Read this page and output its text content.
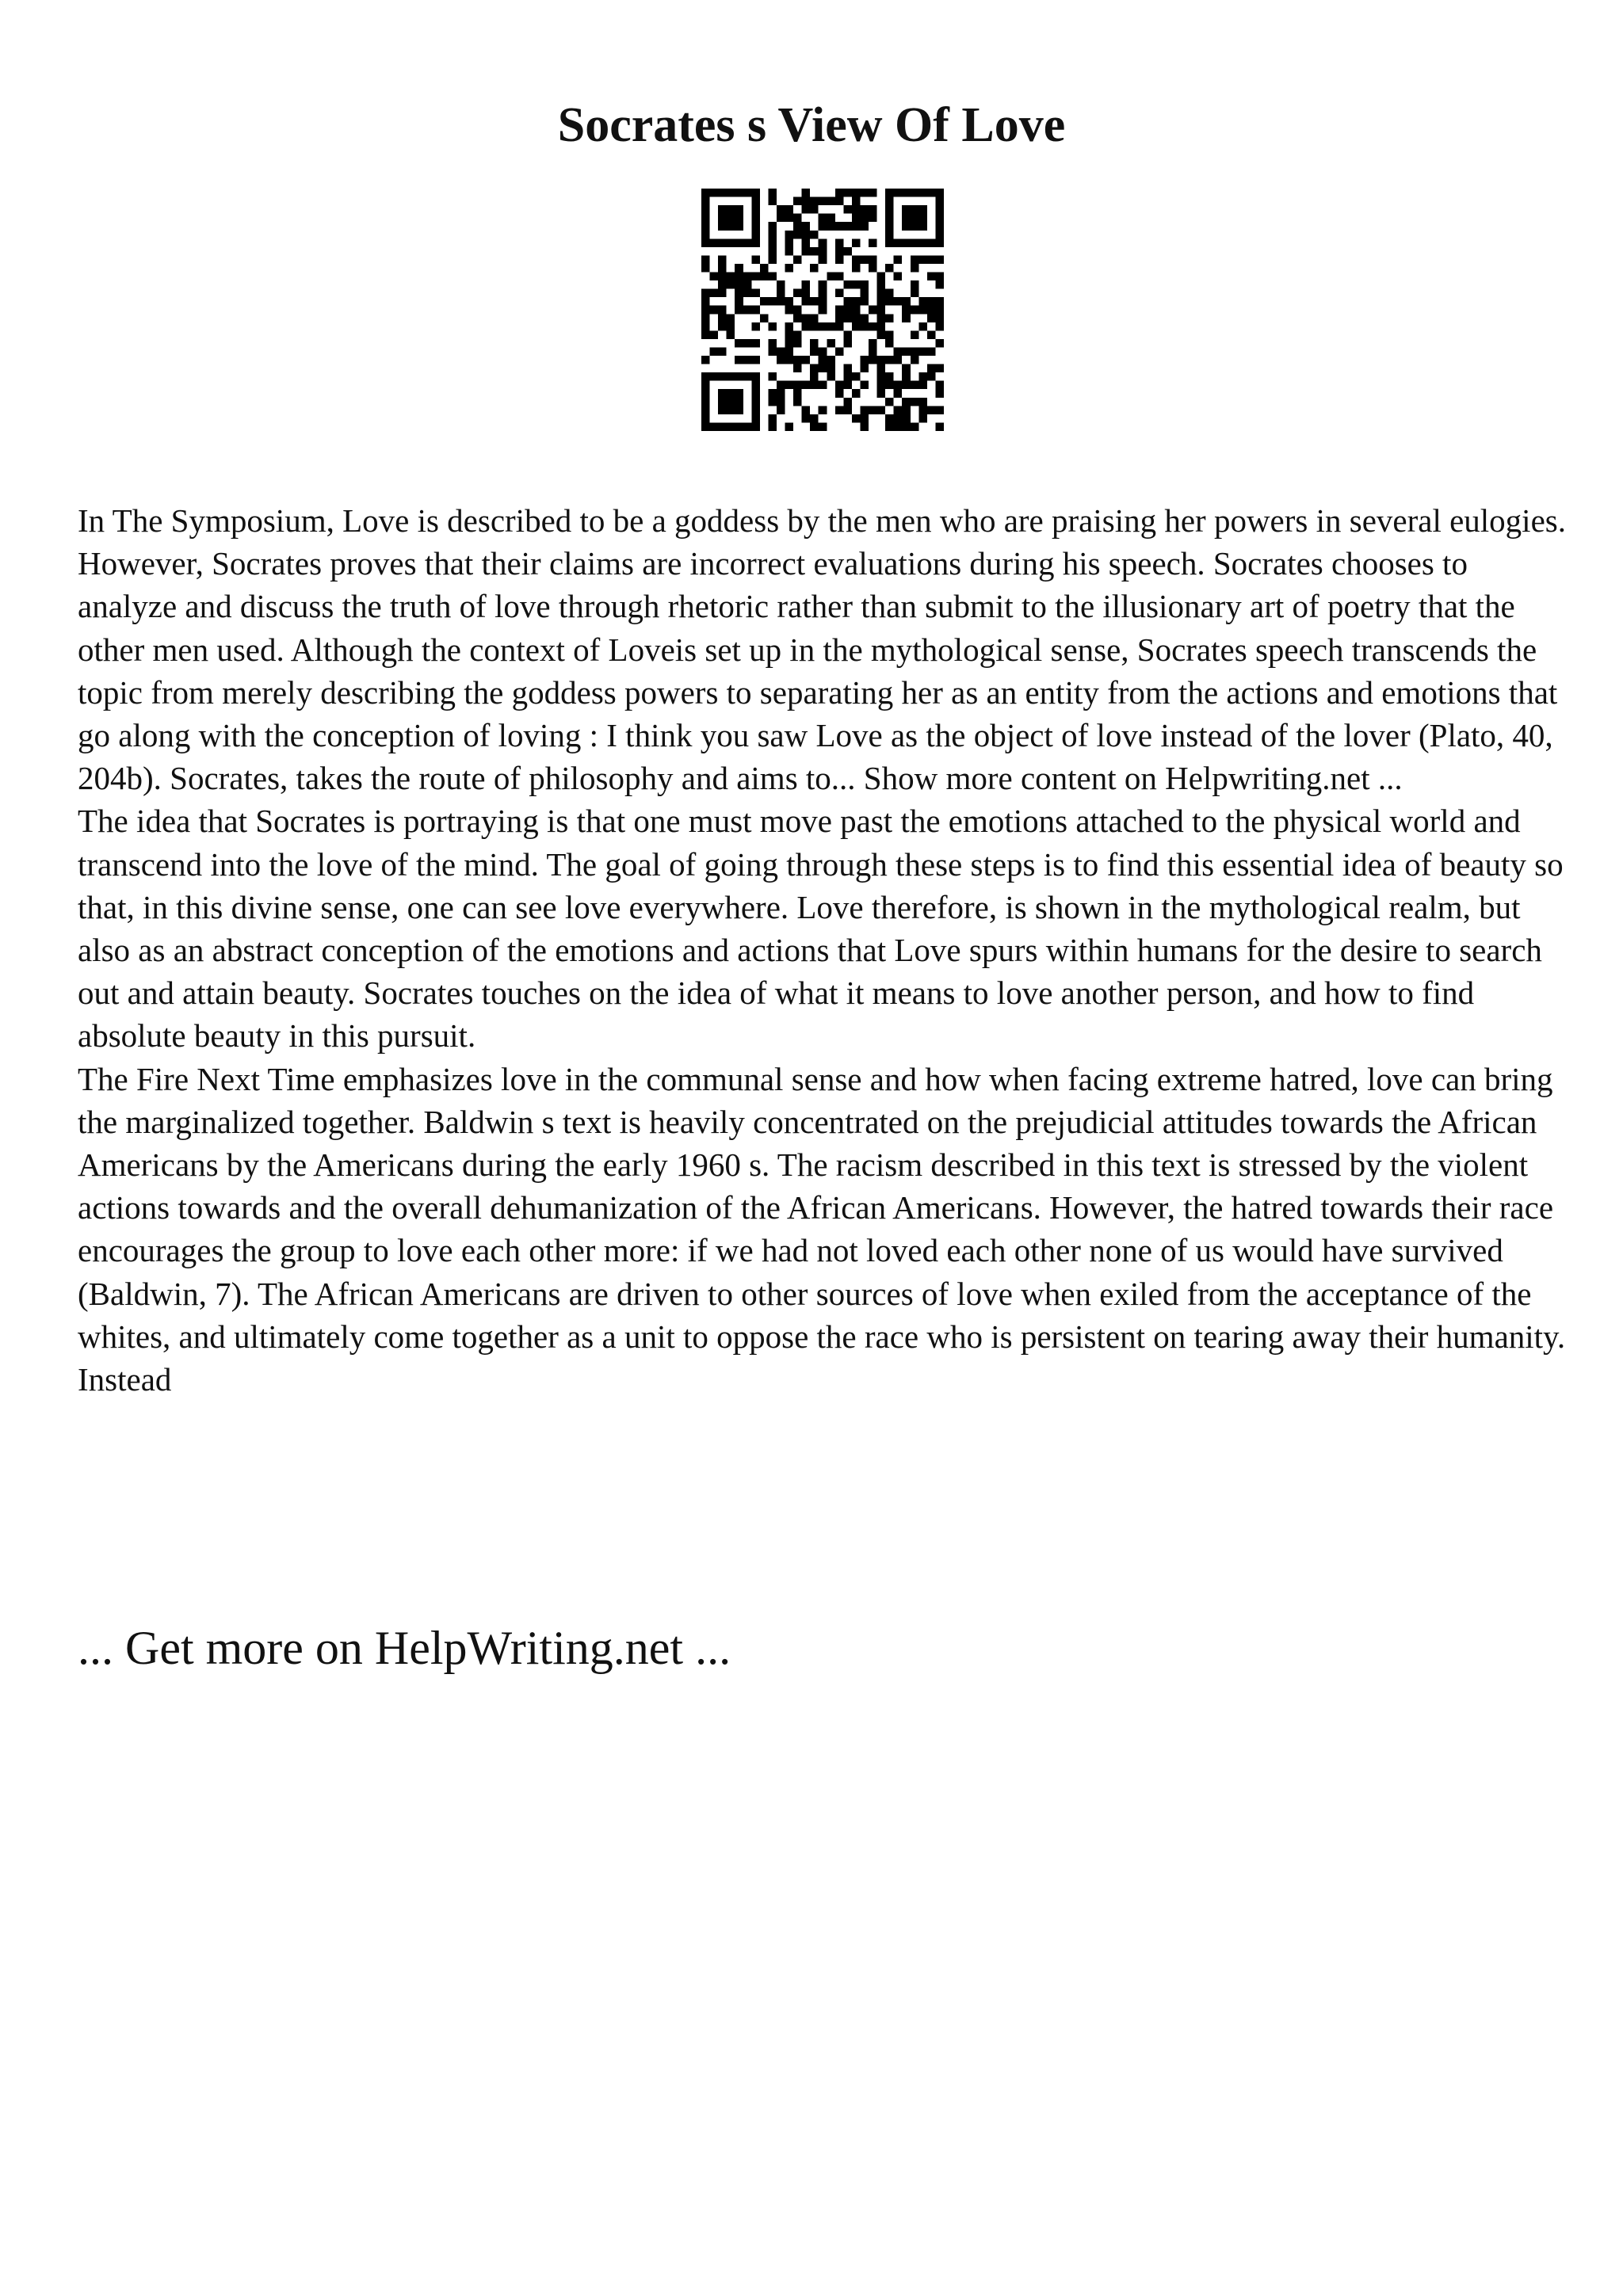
Socrates s View Of Love

In The Symposium, Love is described to be a goddess by the men who are praising her powers in several eulogies. However, Socrates proves that their claims are incorrect evaluations during his speech. Socrates chooses to analyze and discuss the truth of love through rhetoric rather than submit to the illusionary art of poetry that the other men used. Although the context of Loveis set up in the mythological sense, Socrates speech transcends the topic from merely describing the goddess powers to separating her as an entity from the actions and emotions that go along with the conception of loving : I think you saw Love as the object of love instead of the lover (Plato, 40, 204b). Socrates, takes the route of philosophy and aims to... Show more content on Helpwriting.net ...

The idea that Socrates is portraying is that one must move past the emotions attached to the physical world and transcend into the love of the mind. The goal of going through these steps is to find this essential idea of beauty so that, in this divine sense, one can see love everywhere. Love therefore, is shown in the mythological realm, but also as an abstract conception of the emotions and actions that Love spurs within humans for the desire to search out and attain beauty. Socrates touches on the idea of what it means to love another person, and how to find absolute beauty in this pursuit.

The Fire Next Time emphasizes love in the communal sense and how when facing extreme hatred, love can bring the marginalized together. Baldwin s text is heavily concentrated on the prejudicial attitudes towards the African Americans by the Americans during the early 1960 s. The racism described in this text is stressed by the violent actions towards and the overall dehumanization of the African Americans. However, the hatred towards their race encourages the group to love each other more: if we had not loved each other none of us would have survived (Baldwin, 7). The African Americans are driven to other sources of love when exiled from the acceptance of the whites, and ultimately come together as a unit to oppose the race who is persistent on tearing away their humanity. Instead

... Get more on HelpWriting.net ...
